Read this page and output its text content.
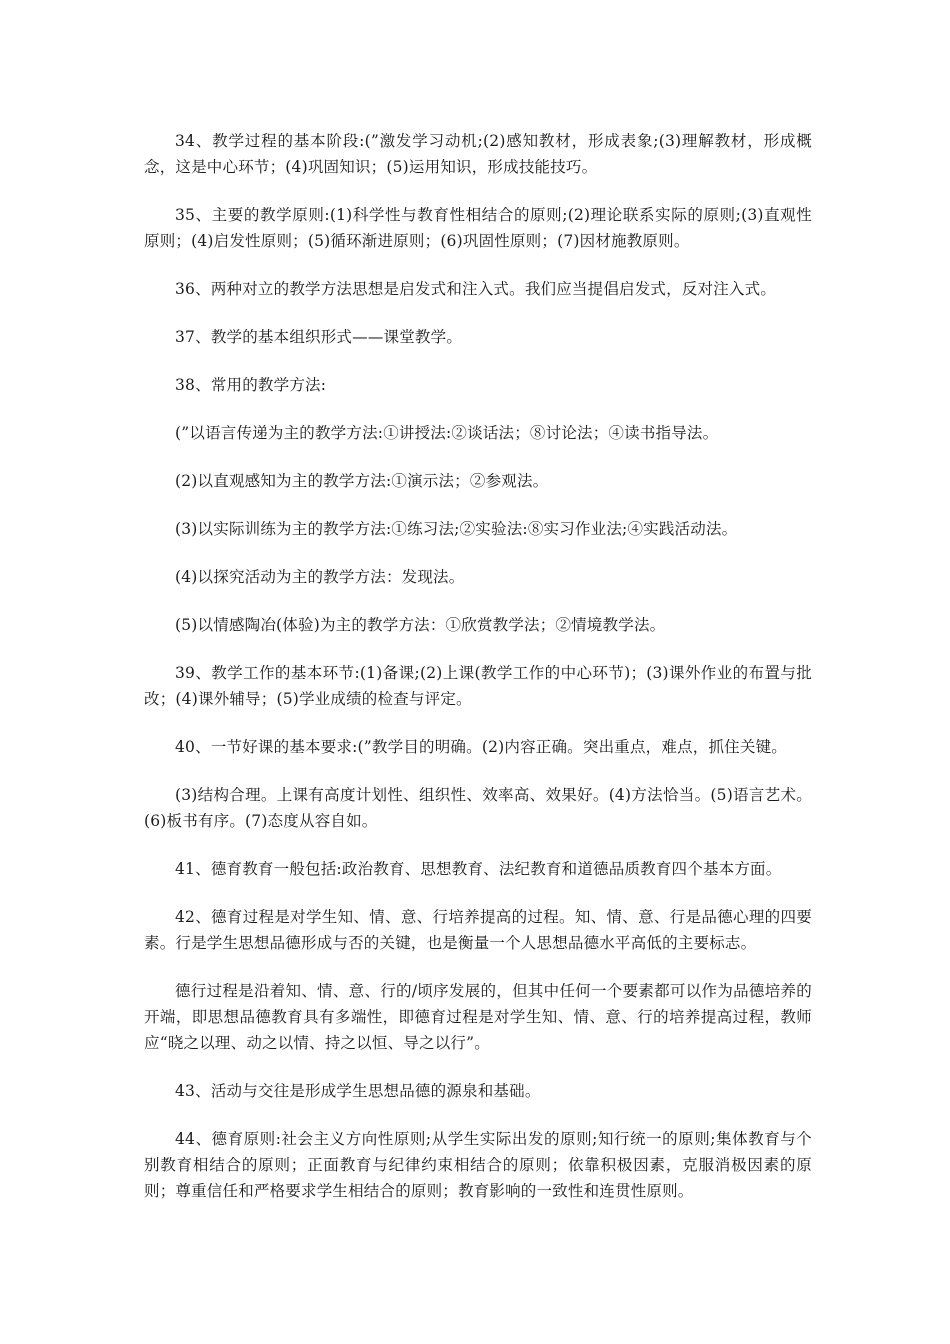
34、教学过程的基本阶段:(”激发学习动机;(2)感知教材，形成表象;(3)理解教材，形成概念，这是中心环节；(4)巩固知识；(5)运用知识，形成技能技巧。

35、主要的教学原则:(1)科学性与教育性相结合的原则;(2)理论联系实际的原则;(3)直观性原则；(4)启发性原则；(5)循环渐进原则；(6)巩固性原则；(7)因材施教原则。

36、两种对立的教学方法思想是启发式和注入式。我们应当提倡启发式，反对注入式。

37、教学的基本组织形式——课堂教学。

38、常用的教学方法:

(”以语言传递为主的教学方法:①讲授法:②谈话法；⑧讨论法；④读书指导法。

(2)以直观感知为主的教学方法:①演示法；②参观法。

(3)以实际训练为主的教学方法:①练习法;②实验法:⑧实习作业法;④实践活动法。

(4)以探究活动为主的教学方法：发现法。

(5)以情感陶冶(体验)为主的教学方法：①欣赏教学法；②情境教学法。

39、教学工作的基本环节:(1)备课;(2)上课(教学工作的中心环节)；(3)课外作业的布置与批改；(4)课外辅导；(5)学业成绩的检查与评定。

40、一节好课的基本要求:(”教学目的明确。(2)内容正确。突出重点，难点，抓住关键。

(3)结构合理。上课有高度计划性、组织性、效率高、效果好。(4)方法恰当。(5)语言艺术。(6)板书有序。(7)态度从容自如。

41、德育教育一般包括:政治教育、思想教育、法纪教育和道德品质教育四个基本方面。

42、德育过程是对学生知、情、意、行培养提高的过程。知、情、意、行是品德心理的四要素。行是学生思想品德形成与否的关键，也是衡量一个人思想品德水平高低的主要标志。

德行过程是沿着知、情、意、行的/顷序发展的，但其中任何一个要素都可以作为品德培养的开端，即思想品德教育具有多端性，即德育过程是对学生知、情、意、行的培养提高过程，教师应“晓之以理、动之以情、持之以恒、导之以行”。

43、活动与交往是形成学生思想品德的源泉和基础。

44、德育原则:社会主义方向性原则;从学生实际出发的原则;知行统一的原则;集体教育与个别教育相结合的原则；正面教育与纪律约束相结合的原则；依靠积极因素，克服消极因素的原则；尊重信任和严格要求学生相结合的原则；教育影响的一致性和连贯性原则。
